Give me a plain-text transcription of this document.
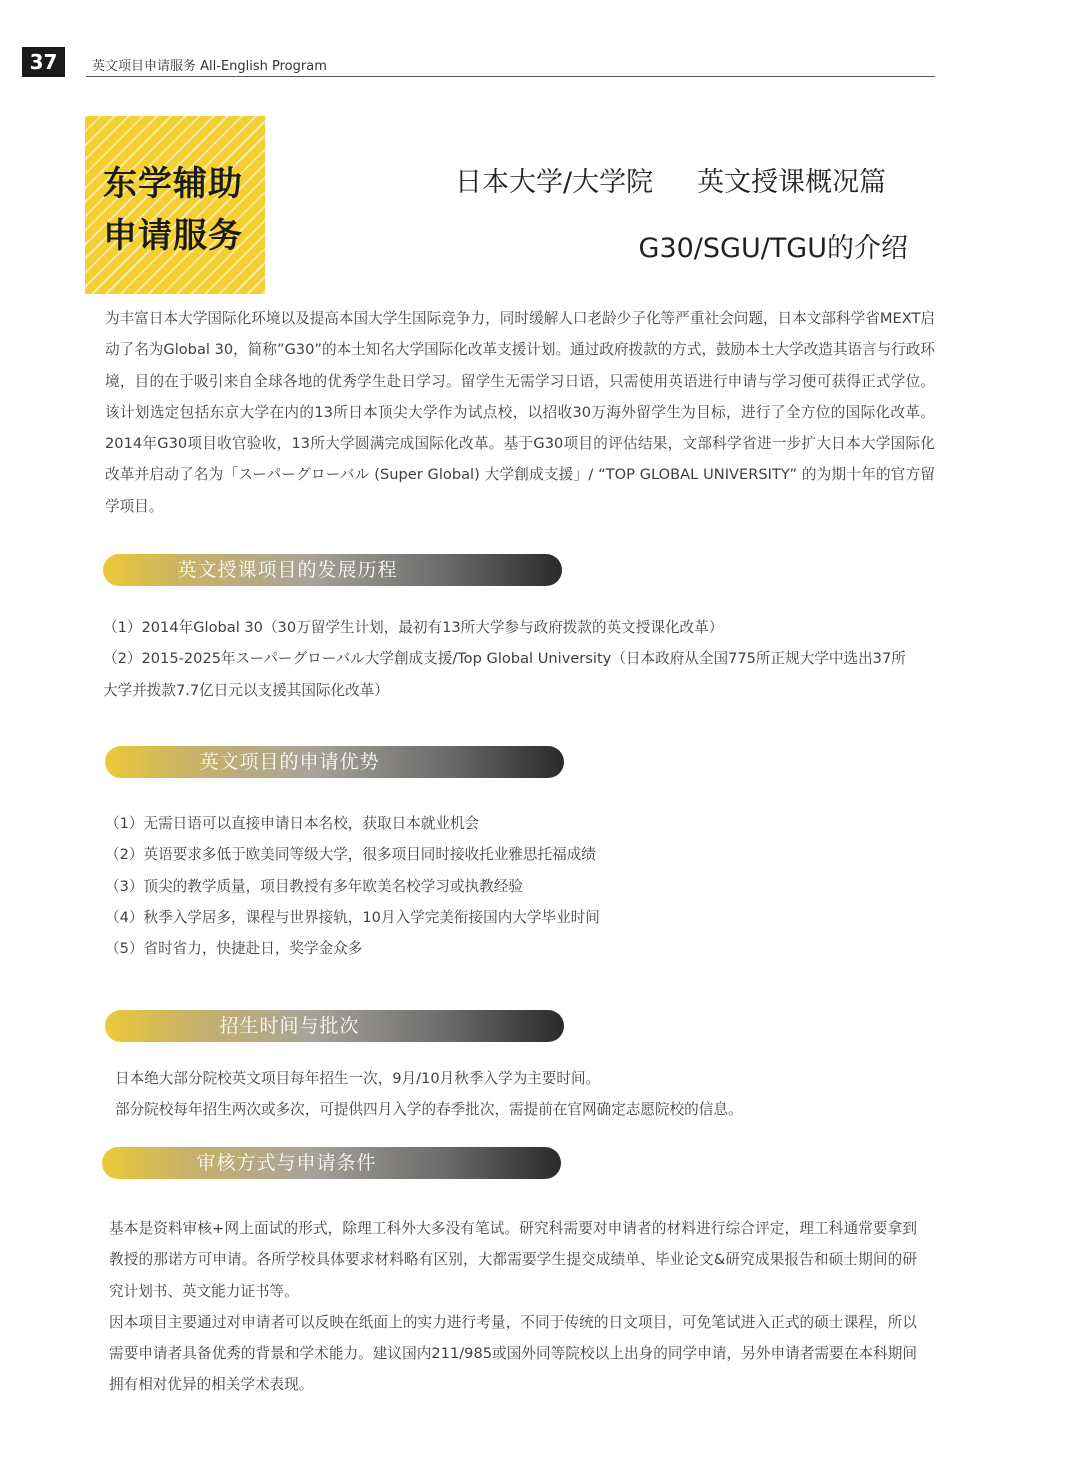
37	英文项目申请服务 All-English Program
东学辅助
申请服务
日本大学/大学院 英文授课概况篇
G30/SGU/TGU的介绍

为丰富日本大学国际化环境以及提高本国大学生国际竞争力，同时缓解人口老龄少子化等严重社会问题，日本文部科学省MEXT启动了名为Global 30，简称”G30”的本土知名大学国际化改革支援计划。通过政府拨款的方式，鼓励本土大学改造其语言与行政环境，目的在于吸引来自全球各地的优秀学生赴日学习。留学生无需学习日语，只需使用英语进行申请与学习便可获得正式学位。该计划选定包括东京大学在内的13所日本顶尖大学作为试点校，以招收30万海外留学生为目标，进行了全方位的国际化改革。2014年G30项目收官验收，13所大学圆满完成国际化改革。基于G30项目的评估结果，文部科学省进一步扩大日本大学国际化改革并启动了名为「スーパーグローバル (Super Global) 大学創成支援」/ “TOP GLOBAL UNIVERSITY” 的为期十年的官方留学项目。

英文授课项目的发展历程
（1）2014年Global 30（30万留学生计划，最初有13所大学参与政府拨款的英文授课化改革）
（2）2015-2025年スーパーグローバル大学創成支援/Top Global University（日本政府从全国775所正规大学中选出37所大学并拨款7.7亿日元以支援其国际化改革）
英文项目的申请优势
（1）无需日语可以直接申请日本名校，获取日本就业机会
（2）英语要求多低于欧美同等级大学，很多项目同时接收托业雅思托福成绩
（3）顶尖的教学质量，项目教授有多年欧美名校学习或执教经验
（4）秋季入学居多，课程与世界接轨，10月入学完美衔接国内大学毕业时间
（5）省时省力，快捷赴日，奖学金众多
招生时间与批次
日本绝大部分院校英文项目每年招生一次，9月/10月秋季入学为主要时间。
部分院校每年招生两次或多次，可提供四月入学的春季批次，需提前在官网确定志愿院校的信息。
审核方式与申请条件
基本是资料审核+网上面试的形式，除理工科外大多没有笔试。研究科需要对申请者的材料进行综合评定，理工科通常要拿到教授的那诺方可申请。各所学校具体要求材料略有区别，大都需要学生提交成绩单、毕业论文&研究成果报告和硕士期间的研究计划书、英文能力证书等。
因本项目主要通过对申请者可以反映在纸面上的实力进行考量，不同于传统的日文项目，可免笔试进入正式的硕士课程，所以需要申请者具备优秀的背景和学术能力。建议国内211/985或国外同等院校以上出身的同学申请，另外申请者需要在本科期间拥有相对优异的相关学术表现。
